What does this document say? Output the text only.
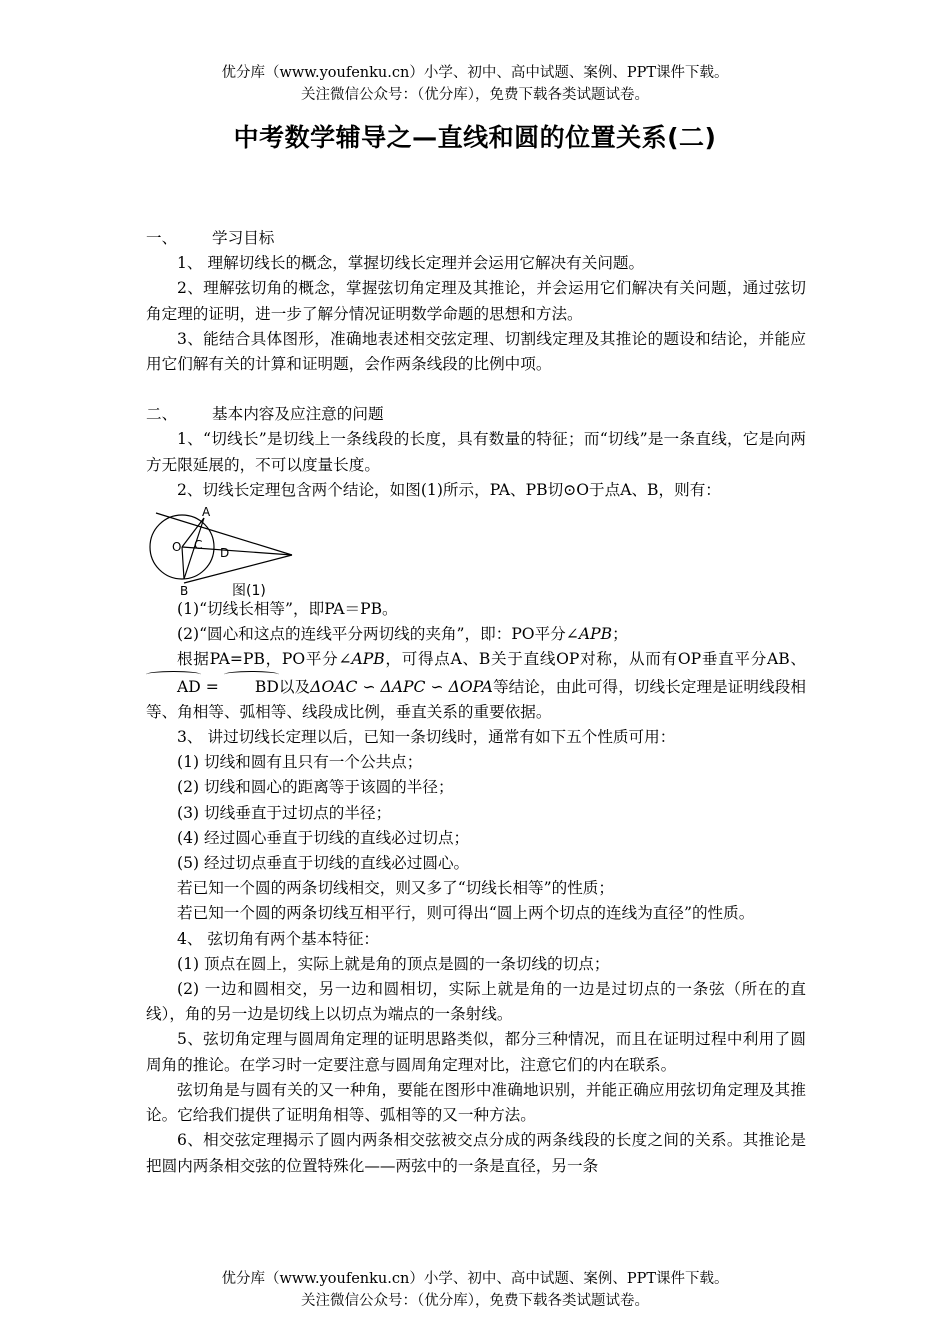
优分库（www.youfenku.cn）小学、初中、高中试题、案例、PPT课件下载。
关注微信公众号：（优分库），免费下载各类试题试卷。
中考数学辅导之—直线和圆的位置关系(二)
一、	学习目标

1、 理解切线长的概念，掌握切线长定理并会运用它解决有关问题。

2、理解弦切角的概念，掌握弦切角定理及其推论，并会运用它们解决有关问题，通过弦切角定理的证明，进一步了解分情况证明数学命题的思想和方法。

3、能结合具体图形，准确地表述相交弦定理、切割线定理及其推论的题设和结论，并能应用它们解有关的计算和证明题，会作两条线段的比例中项。

二、	基本内容及应注意的问题

1、“切线长”是切线上一条线段的长度，具有数量的特征；而“切线”是一条直线，它是向两方无限延展的，不可以度量长度。

2、切线长定理包含两个结论，如图(1)所示，PA、PB切⊙O于点A、B，则有：

A
O C
D
B	图(1)

(1)“切线长相等”，即PA＝PB。

(2)“圆心和这点的连线平分两切线的夹角”，即：PO平分∠APB；

根据PA=PB，PO平分∠APB，可得点A、B关于直线OP对称，从而有OP垂直平分AB、AD = BD以及ΔOAC ∽ ΔAPC ∽ ΔOPA等结论，由此可得，切线长定理是证明线段相等、角相等、弧相等、线段成比例，垂直关系的重要依据。

3、 讲过切线长定理以后，已知一条切线时，通常有如下五个性质可用：

(1) 切线和圆有且只有一个公共点；

(2) 切线和圆心的距离等于该圆的半径；

(3) 切线垂直于过切点的半径；

(4) 经过圆心垂直于切线的直线必过切点；

(5) 经过切点垂直于切线的直线必过圆心。

若已知一个圆的两条切线相交，则又多了“切线长相等”的性质；

若已知一个圆的两条切线互相平行，则可得出“圆上两个切点的连线为直径”的性质。

4、 弦切角有两个基本特征：

(1) 顶点在圆上，实际上就是角的顶点是圆的一条切线的切点；

(2) 一边和圆相交，另一边和圆相切，实际上就是角的一边是过切点的一条弦（所在的直线），角的另一边是切线上以切点为端点的一条射线。

5、弦切角定理与圆周角定理的证明思路类似，都分三种情况，而且在证明过程中利用了圆周角的推论。在学习时一定要注意与圆周角定理对比，注意它们的内在联系。

弦切角是与圆有关的又一种角，要能在图形中准确地识别，并能正确应用弦切角定理及其推论。它给我们提供了证明角相等、弧相等的又一种方法。

6、相交弦定理揭示了圆内两条相交弦被交点分成的两条线段的长度之间的关系。其推论是把圆内两条相交弦的位置特殊化——两弦中的一条是直径，另一条

优分库（www.youfenku.cn）小学、初中、高中试题、案例、PPT课件下载。
关注微信公众号：（优分库），免费下载各类试题试卷。
